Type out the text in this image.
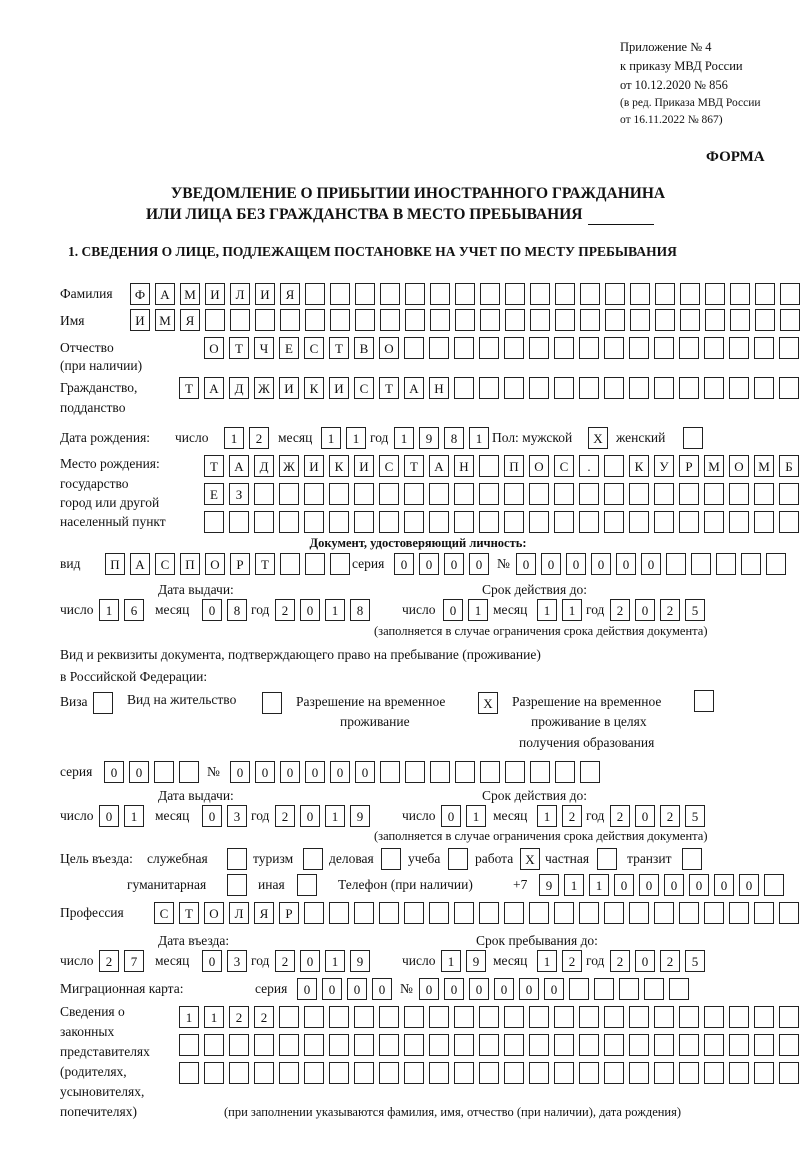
Приложение № 4
к приказу МВД России
от 10.12.2020 № 856
(в ред. Приказа МВД России
от 16.11.2022 № 867)
ФОРМА
УВЕДОМЛЕНИЕ О ПРИБЫТИИ ИНОСТРАННОГО ГРАЖДАНИНА
ИЛИ ЛИЦА БЕЗ ГРАЖДАНСТВА В МЕСТО ПРЕБЫВАНИЯ
1. СВЕДЕНИЯ О ЛИЦЕ, ПОДЛЕЖАЩЕМ ПОСТАНОВКЕ НА УЧЕТ ПО МЕСТУ ПРЕБЫВАНИЯ
Фамилия	Ф	А	М	И	Л	И	Я
Имя	И	М	Я
Отчество
(при наличии)
О	Т	Ч	Е	С	Т	В	О
Гражданство,
подданство
Т	А	Д	Ж	И	К	И	С	Т	А	Н
Дата рождения: число	1	2	месяц	1	1 год 1	9	8	1 Пол: мужской	X женский
Место рождения:
государство
город или другой
населенный пункт
Т	А	Д	Ж	И	К	И	С	Т	А	Н	П	О	С	.	К	У	Р	М	О	М	Б
Е	З
Документ, удостоверяющий личность:
вид	П	А	С	П	О	Р	Т	серия	0	0	0	0	№ 0	0	0	0	0	0
Дата выдачи:	Срок действия до:
число 1	6	месяц	0	8 год 2	0	1	8	число	0	1 месяц	1	1 год 2	0	2	5
(заполняется в случае ограничения срока действия документа)
Вид и реквизиты документа, подтверждающего право на пребывание (проживание)
в Российской Федерации:
Виза	Вид на жительство	Разрешение на временное
проживание
X	Разрешение на временное
проживание в целях
получения образования
серия	0	0	№	0	0	0	0	0	0
Дата выдачи:	Срок действия до:
число 0	1	месяц	0	3 год 2	0	1	9	число 0	1	месяц	1	2 год 2	0	2	5
(заполняется в случае ограничения срока действия документа)
Цель въезда: служебная	туризм	деловая	учеба	работа X частная	транзит
гуманитарная	иная	Телефон (при наличии)	+7	9	1	1	0	0	0	0	0	0
Профессия	С	Т	О	Л	Я	Р
Дата въезда:	Срок пребывания до:
число 2	7	месяц	0	3 год 2	0	1	9	число 1	9	месяц	1	2 год 2	0	2	5
Миграционная карта:	серия	0	0	0	0	№ 0	0	0	0	0	0
Сведения о
законных
представителях
(родителях,
усыновителях,
попечителях)
1	1	2	2
(при заполнении указываются фамилия, имя, отчество (при наличии), дата рождения)
